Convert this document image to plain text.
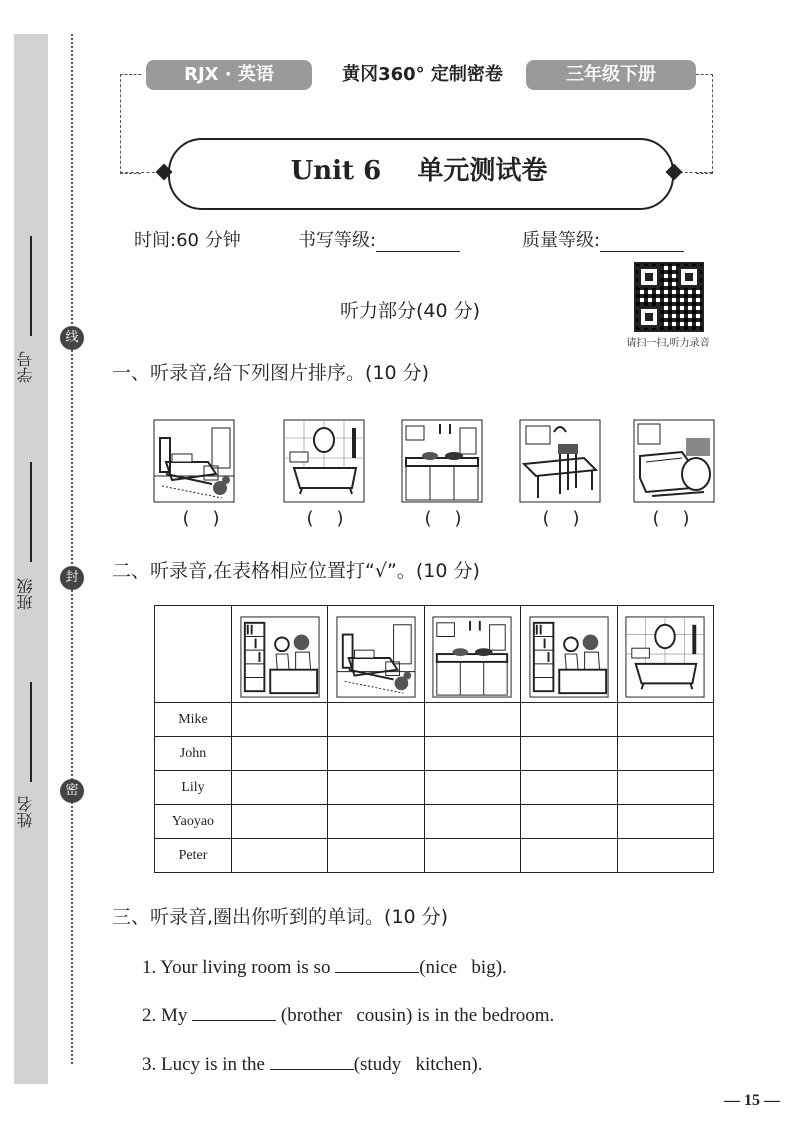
学号
班级
姓名
线
封
密
RJX · 英语	黄冈360° 定制密卷	三年级下册
Unit 6    单元测试卷
时间:60 分钟	书写等级:	质量等级:
请扫一扫,听力录音
听力部分(40 分)
一、听录音,给下列图片排序。(10 分)
(    )	(    )	(    )	(    )	(    )
二、听录音,在表格相应位置打“√”。(10 分)

Mike					
John					
Lily					
Yaoyao					
Peter					
三、听录音,圈出你听到的单词。(10 分)
1. Your living room is so	(nice   big).
2. My	(brother   cousin) is in the bedroom.
3. Lucy is in the	(study   kitchen).
— 15 —
